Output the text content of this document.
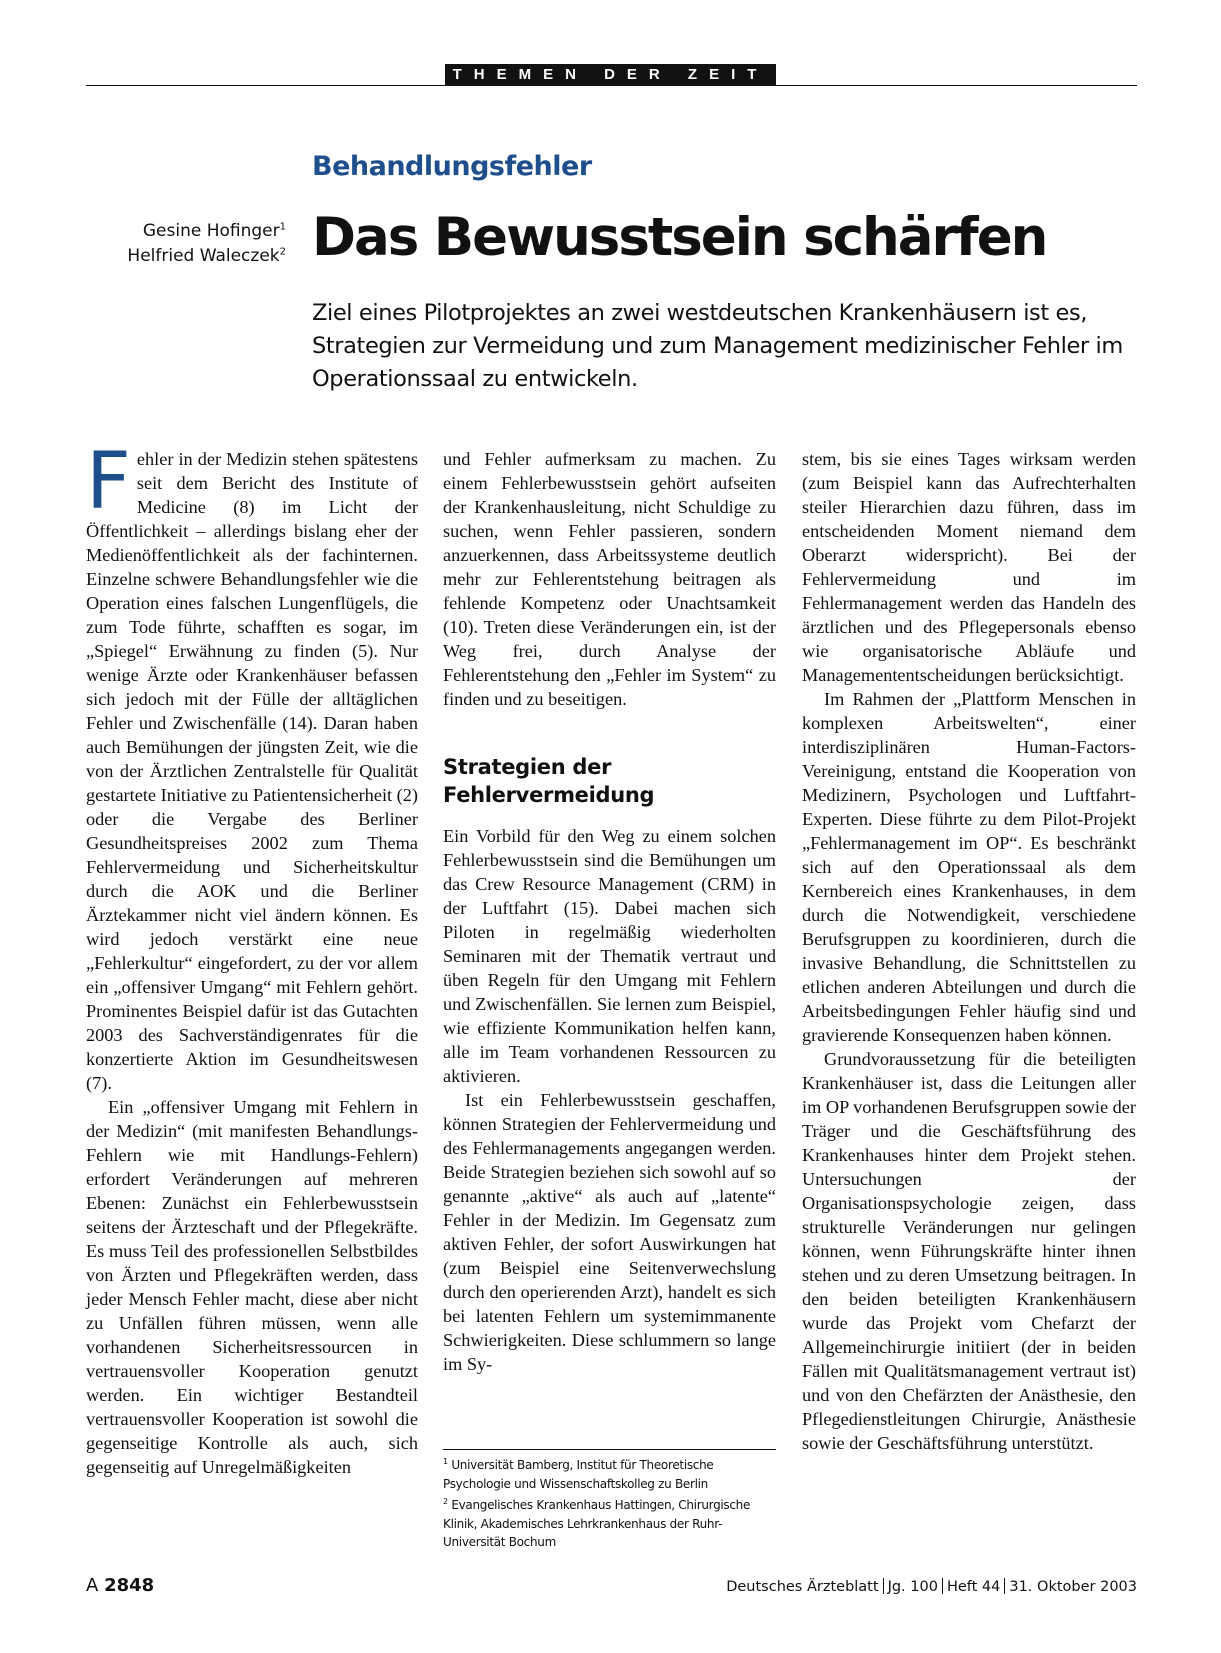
THEMEN DER ZEIT
Behandlungsfehler
Gesine Hofinger$^1$
Helfried Waleczek$^2$ Das Bewusstsein schärfen
Ziel eines Pilotprojektes an zwei westdeutschen Krankenhäusern ist es, Strategien zur Vermeidung und zum Management medizinischer Fehler im Operationssaal zu entwickeln.

Fehler in der Medizin stehen spätestens seit dem Bericht des Institute of Medicine (8) im Licht der Öffentlichkeit – allerdings bislang eher der Medienöffentlichkeit als der fachinternen. Einzelne schwere Behandlungsfehler wie die Operation eines falschen Lungenflügels, die zum Tode führte, schafften es sogar, im „Spiegel“ Erwähnung zu finden (5). Nur wenige Ärzte oder Krankenhäuser befassen sich jedoch mit der Fülle der alltäglichen Fehler und Zwischenfälle (14). Daran haben auch Bemühungen der jüngsten Zeit, wie die von der Ärztlichen Zentralstelle für Qualität gestartete Initiative zu Patientensicherheit (2) oder die Vergabe des Berliner Gesundheitspreises 2002 zum Thema Fehlervermeidung und Sicherheitskultur durch die AOK und die Berliner Ärztekammer nicht viel ändern können. Es wird jedoch verstärkt eine neue „Fehlerkultur“ eingefordert, zu der vor allem ein „offensiver Umgang“ mit Fehlern gehört. Prominentes Beispiel dafür ist das Gutachten 2003 des Sachverständigenrates für die konzertierte Aktion im Gesundheitswesen (7).

Ein „offensiver Umgang mit Fehlern in der Medizin“ (mit manifesten Behandlungs-Fehlern wie mit Handlungs-Fehlern) erfordert Veränderungen auf mehreren Ebenen: Zunächst ein Fehlerbewusstsein seitens der Ärzteschaft und der Pflegekräfte. Es muss Teil des professionellen Selbstbildes von Ärzten und Pflegekräften werden, dass jeder Mensch Fehler macht, diese aber nicht zu Unfällen führen müssen, wenn alle vorhandenen Sicherheitsressourcen in vertrauensvoller Kooperation genutzt werden. Ein wichtiger Bestandteil vertrauensvoller Kooperation ist sowohl die gegenseitige Kontrolle als auch, sich gegenseitig auf Unregelmäßigkeiten

und Fehler aufmerksam zu machen. Zu einem Fehlerbewusstsein gehört aufseiten der Krankenhausleitung, nicht Schuldige zu suchen, wenn Fehler passieren, sondern anzuerkennen, dass Arbeitssysteme deutlich mehr zur Fehlerentstehung beitragen als fehlende Kompetenz oder Unachtsamkeit (10). Treten diese Veränderungen ein, ist der Weg frei, durch Analyse der Fehlerentstehung den „Fehler im System“ zu finden und zu beseitigen.

Strategien der Fehlervermeidung

Ein Vorbild für den Weg zu einem solchen Fehlerbewusstsein sind die Bemühungen um das Crew Resource Management (CRM) in der Luftfahrt (15). Dabei machen sich Piloten in regelmäßig wiederholten Seminaren mit der Thematik vertraut und üben Regeln für den Umgang mit Fehlern und Zwischenfällen. Sie lernen zum Beispiel, wie effiziente Kommunikation helfen kann, alle im Team vorhandenen Ressourcen zu aktivieren.

Ist ein Fehlerbewusstsein geschaffen, können Strategien der Fehlervermeidung und des Fehlermanagements angegangen werden. Beide Strategien beziehen sich sowohl auf so genannte „aktive“ als auch auf „latente“ Fehler in der Medizin. Im Gegensatz zum aktiven Fehler, der sofort Auswirkungen hat (zum Beispiel eine Seitenverwechslung durch den operierenden Arzt), handelt es sich bei latenten Fehlern um systemimmanente Schwierigkeiten. Diese schlummern so lange im Sy-

$^1$ Universität Bamberg, Institut für Theoretische Psychologie und Wissenschaftskolleg zu Berlin

$^2$ Evangelisches Krankenhaus Hattingen, Chirurgische Klinik, Akademisches Lehrkrankenhaus der Ruhr-Universität Bochum

stem, bis sie eines Tages wirksam werden (zum Beispiel kann das Aufrechterhalten steiler Hierarchien dazu führen, dass im entscheidenden Moment niemand dem Oberarzt widerspricht). Bei der Fehlervermeidung und im Fehlermanagement werden das Handeln des ärztlichen und des Pflegepersonals ebenso wie organisatorische Abläufe und Managemententscheidungen berücksichtigt.

Im Rahmen der „Plattform Menschen in komplexen Arbeitswelten“, einer interdisziplinären Human-Factors-Vereinigung, entstand die Kooperation von Medizinern, Psychologen und Luftfahrt-Experten. Diese führte zu dem Pilot-Projekt „Fehlermanagement im OP“. Es beschränkt sich auf den Operationssaal als dem Kernbereich eines Krankenhauses, in dem durch die Notwendigkeit, verschiedene Berufsgruppen zu koordinieren, durch die invasive Behandlung, die Schnittstellen zu etlichen anderen Abteilungen und durch die Arbeitsbedingungen Fehler häufig sind und gravierende Konsequenzen haben können.

Grundvoraussetzung für die beteiligten Krankenhäuser ist, dass die Leitungen aller im OP vorhandenen Berufsgruppen sowie der Träger und die Geschäftsführung des Krankenhauses hinter dem Projekt stehen. Untersuchungen der Organisationspsychologie zeigen, dass strukturelle Veränderungen nur gelingen können, wenn Führungskräfte hinter ihnen stehen und zu deren Umsetzung beitragen. In den beiden beteiligten Krankenhäusern wurde das Projekt vom Chefarzt der Allgemeinchirurgie initiiert (der in beiden Fällen mit Qualitätsmanagement vertraut ist) und von den Chefärzten der Anästhesie, den Pflegedienstleitungen Chirurgie, Anästhesie sowie der Geschäftsführung unterstützt.

A 2848	Deutsches Ärzteblatt Jg. 100 Heft 44 31. Oktober 2003
